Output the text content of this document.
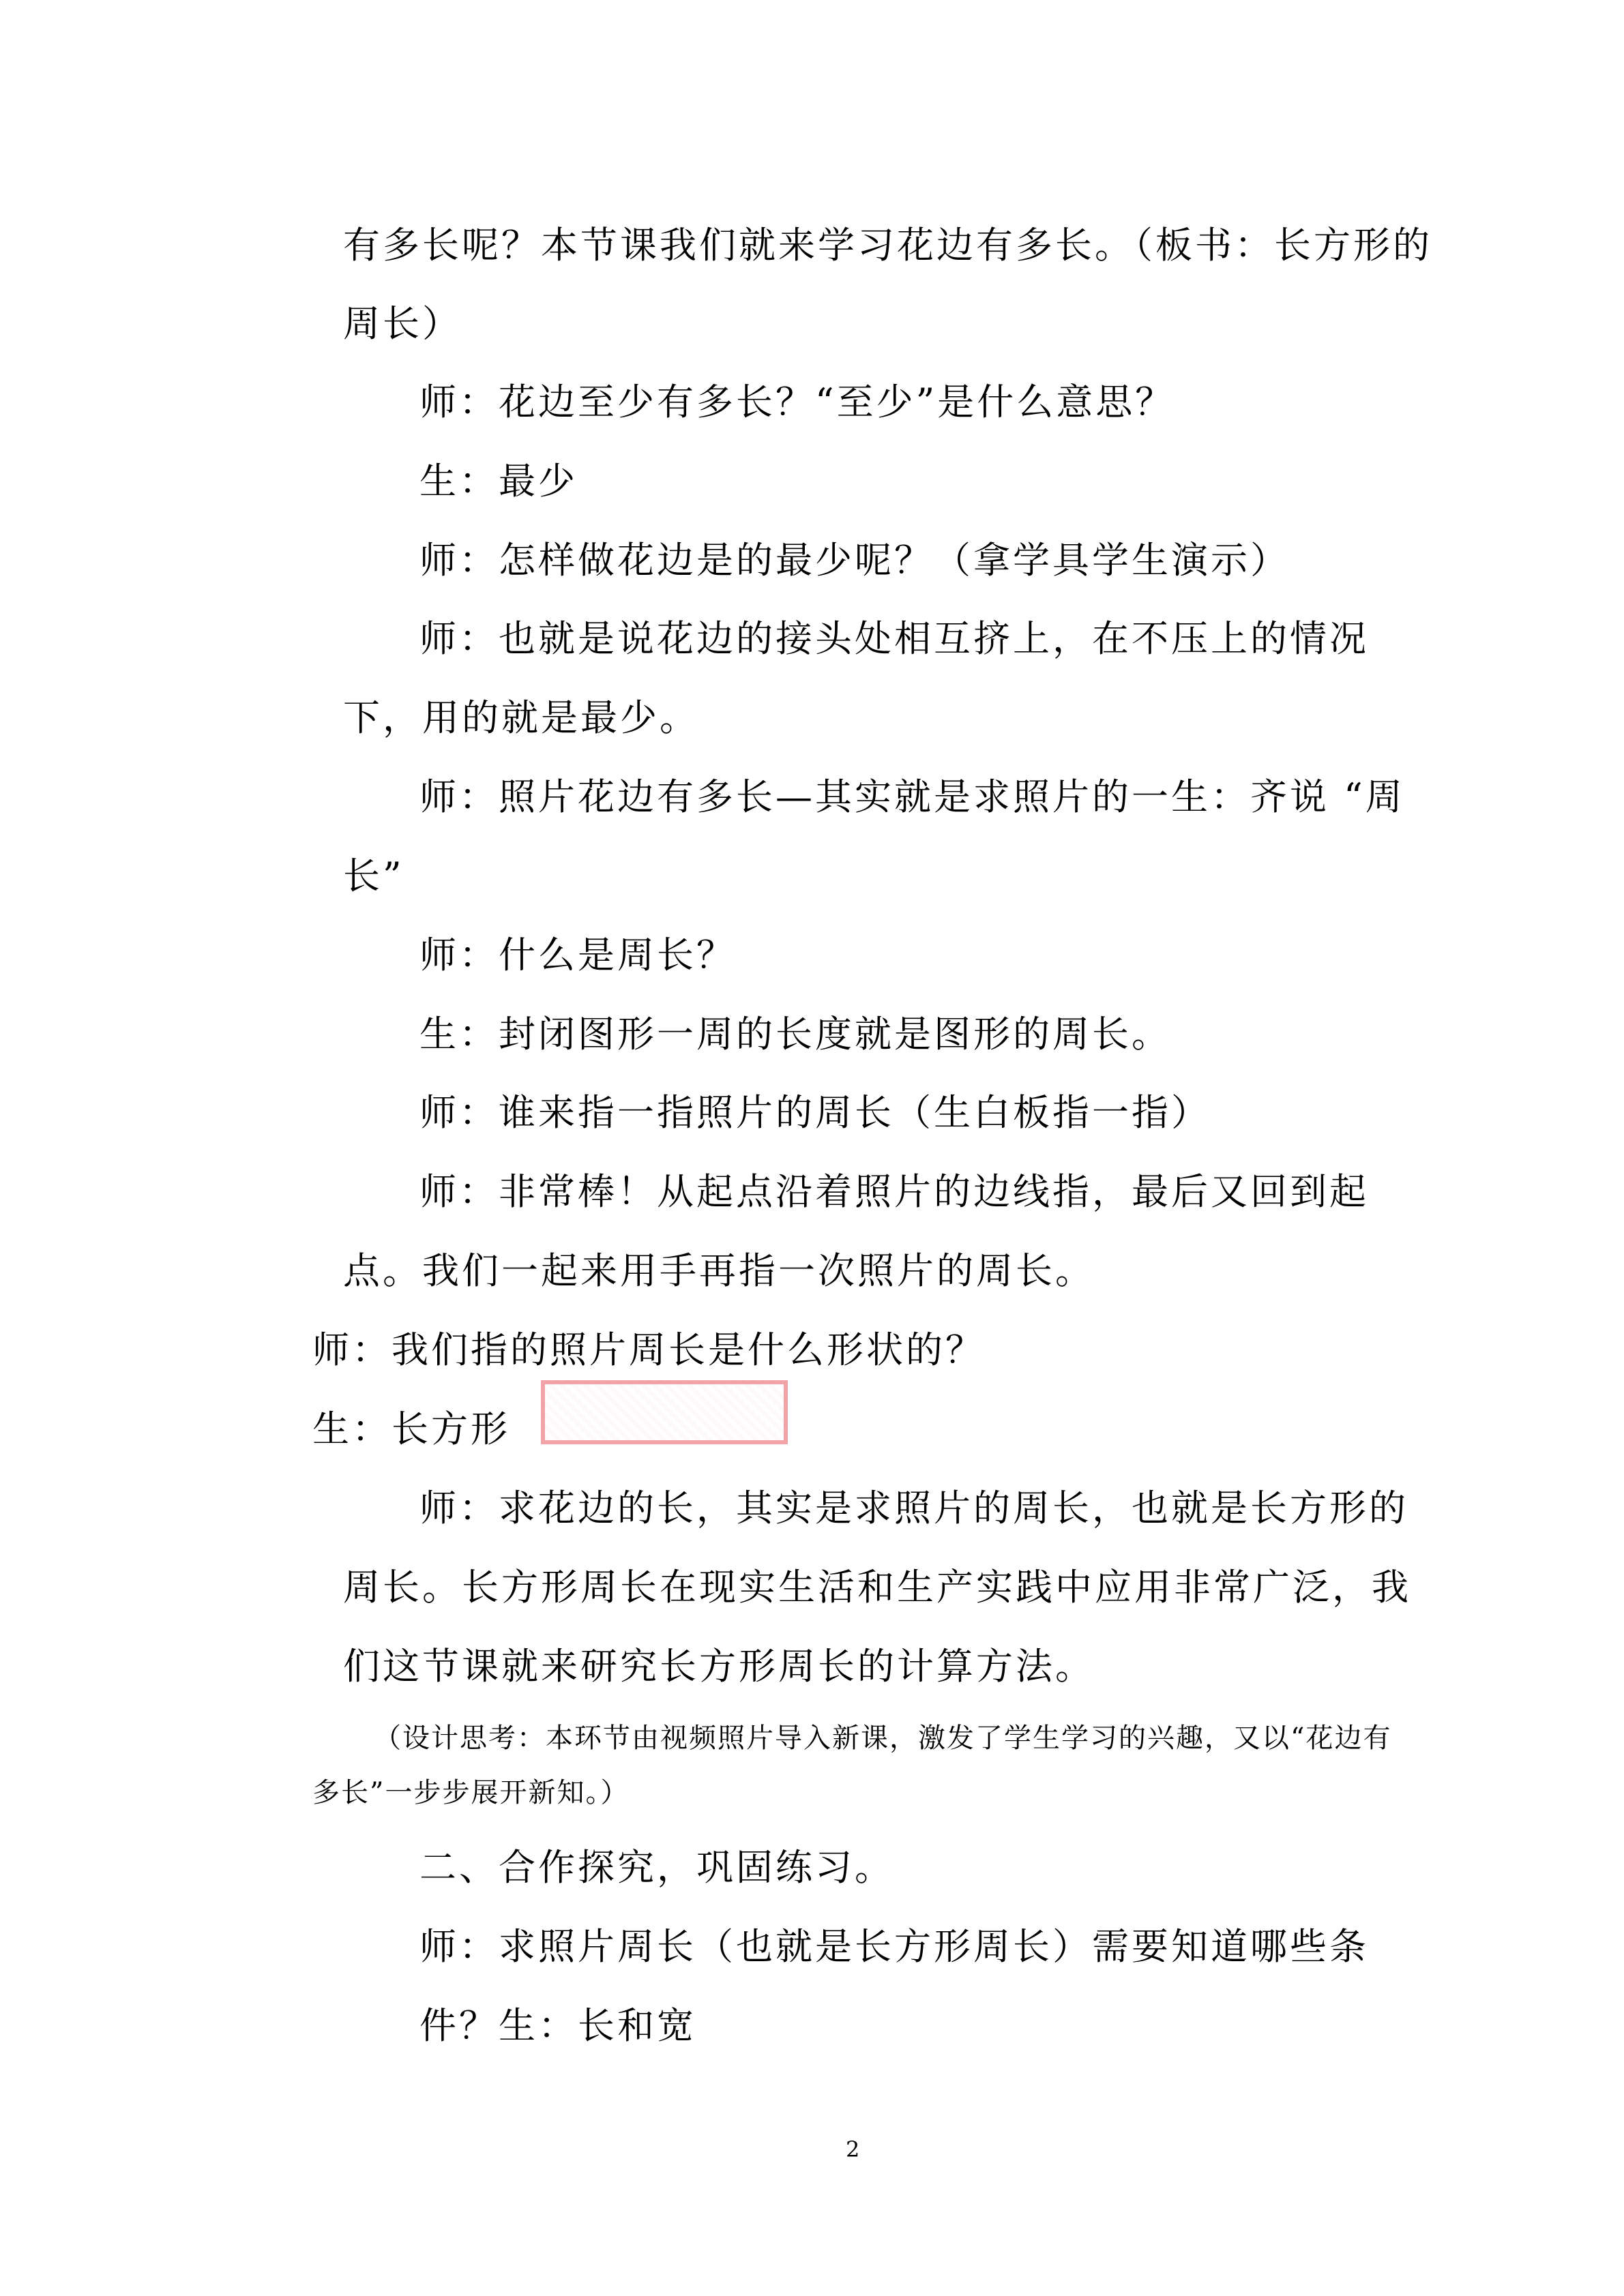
有多长呢？本节课我们就来学习花边有多长。（板书：长方形的
周长）
师：花边至少有多长？“至少”是什么意思？
生：最少
师：怎样做花边是的最少呢？（拿学具学生演示）
师：也就是说花边的接头处相互挤上，在不压上的情况
下，用的就是最少。
师：照片花边有多长—其实就是求照片的一生：齐说 “周
长”
师：什么是周长？
生：封闭图形一周的长度就是图形的周长。
师：谁来指一指照片的周长（生白板指一指）
师：非常棒！从起点沿着照片的边线指，最后又回到起
点。我们一起来用手再指一次照片的周长。
师：我们指的照片周长是什么形状的？
生：长方形
师：求花边的长，其实是求照片的周长，也就是长方形的
周长。长方形周长在现实生活和生产实践中应用非常广泛，我
们这节课就来研究长方形周长的计算方法。
（设计思考：本环节由视频照片导入新课，激发了学生学习的兴趣，又以“花边有
多长”一步步展开新知。）
二、合作探究，巩固练习。
师：求照片周长（也就是长方形周长）需要知道哪些条
件？生：长和宽
2
